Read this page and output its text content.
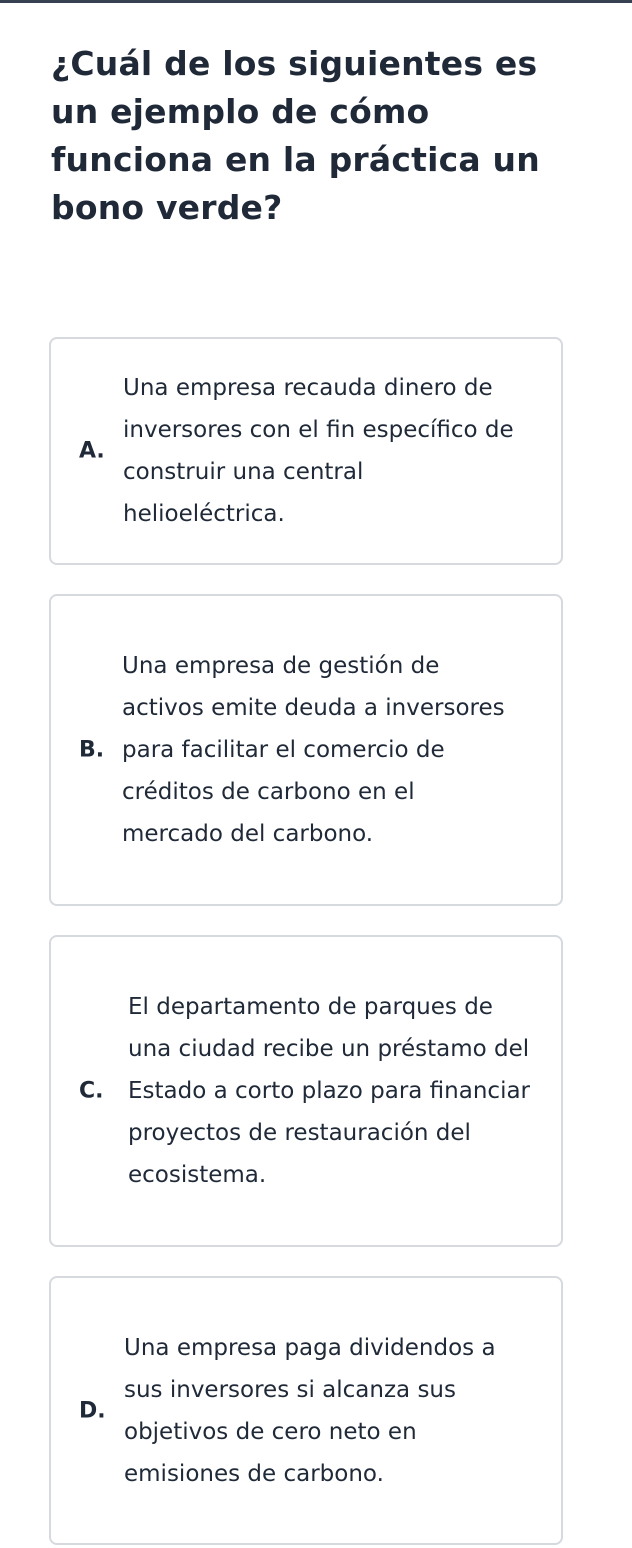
¿Cuál de los siguientes es un ejemplo de cómo funciona en la práctica un bono verde?
A.
Una empresa recauda dinero de inversores con el fin específico de construir una central helioeléctrica.
B.
Una empresa de gestión de activos emite deuda a inversores para facilitar el comercio de créditos de carbono en el mercado del carbono.
C.
El departamento de parques de una ciudad recibe un préstamo del Estado a corto plazo para financiar proyectos de restauración del ecosistema.
D.
Una empresa paga dividendos a sus inversores si alcanza sus objetivos de cero neto en emisiones de carbono.
